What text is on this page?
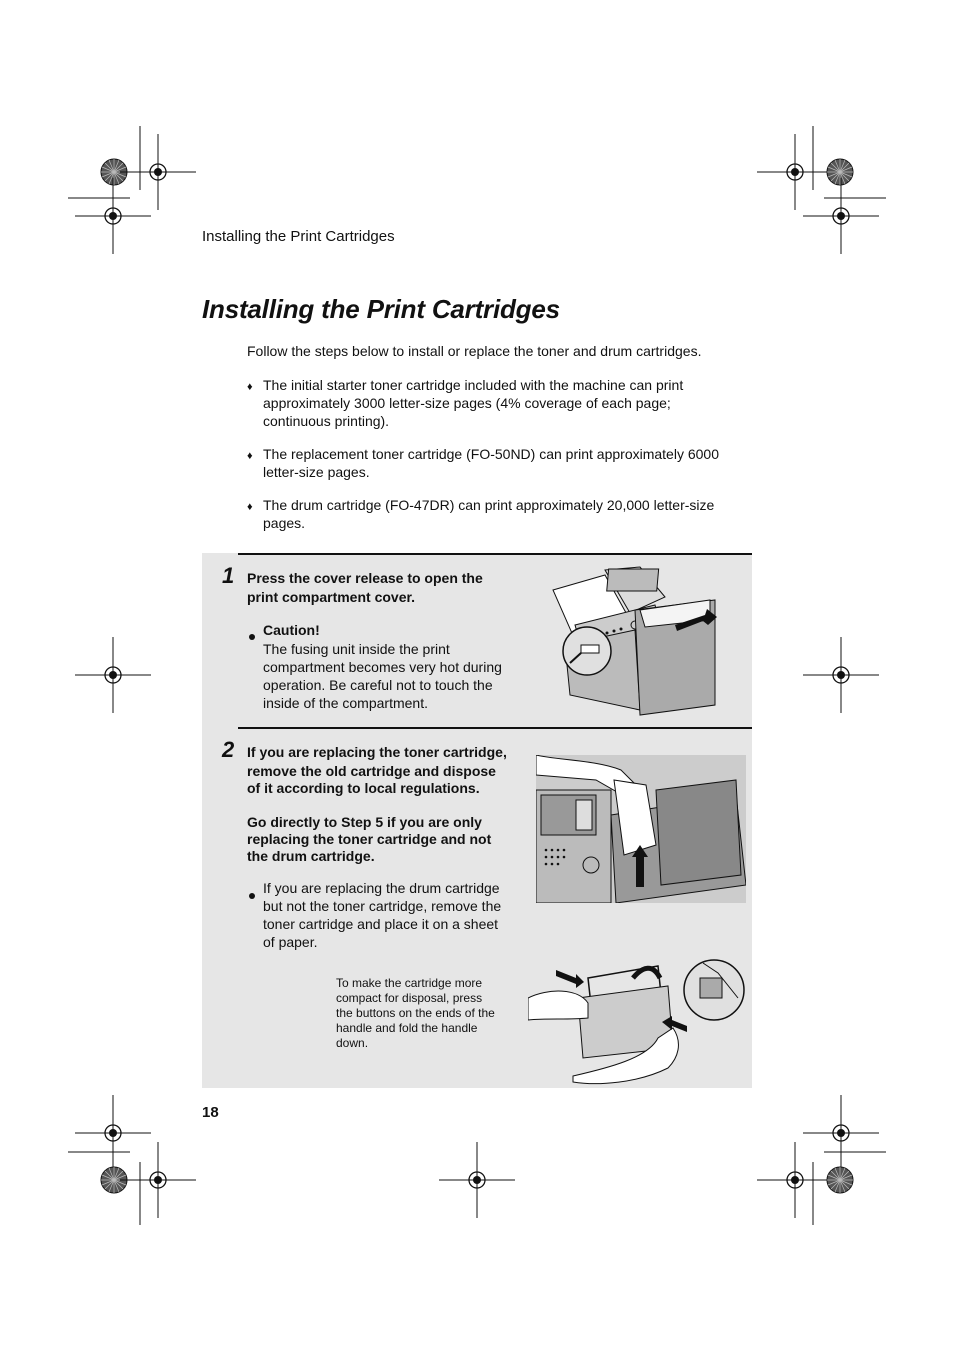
Installing the Print Cartridges
Installing the Print Cartridges
Follow the steps below to install or replace the toner and drum cartridges.
♦ The initial starter toner cartridge included with the machine can print
approximately 3000 letter-size pages (4% coverage of each page;
continuous printing).
♦ The replacement toner cartridge (FO-50ND) can print approximately 6000
letter-size pages.
♦ The drum cartridge (FO-47DR) can print approximately 20,000 letter-size
pages.
1 Press the cover release to open the
print compartment cover.
Caution!
The fusing unit inside the print
compartment becomes very hot during
operation. Be careful not to touch the
inside of the compartment.
2 If you are replacing the toner cartridge,
remove the old cartridge and dispose
of it according to local regulations.
Go directly to Step 5 if you are only
replacing the toner cartridge and not
the drum cartridge.
If you are replacing the drum cartridge
but not the toner cartridge, remove the
toner cartridge and place it on a sheet
of paper.
To make the cartridge more
compact for disposal, press
the buttons on the ends of the
handle and fold the handle
down.
18
